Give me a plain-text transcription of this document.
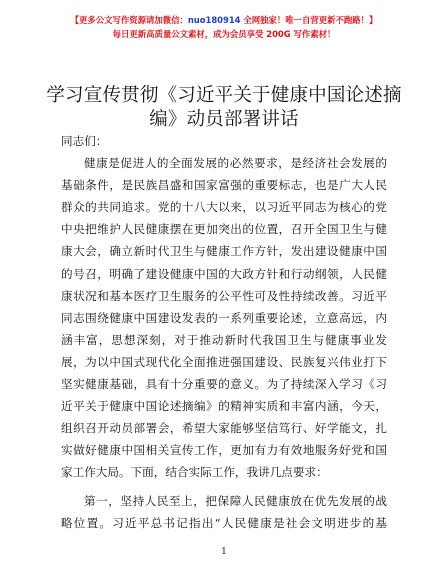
【更多公文写作资源请加微信：nuo180914 全网独家！唯一自营更新不跑路！】
每日更新高质量公文素材，成为会员享受 200G 写作素材！
学习宣传贯彻《习近平关于健康中国论述摘
编》动员部署讲话
同志们：
健康是促进人的全面发展的必然要求，是经济社会发展的
基础条件，是民族昌盛和国家富强的重要标志，也是广大人民
群众的共同追求。党的十八大以来，以习近平同志为核心的党
中央把维护人民健康摆在更加突出的位置，召开全国卫生与健
康大会，确立新时代卫生与健康工作方针，发出建设健康中国
的号召，明确了建设健康中国的大政方针和行动纲领，人民健
康状况和基本医疗卫生服务的公平性可及性持续改善。习近平
同志围绕健康中国建设发表的一系列重要论述，立意高远，内
涵丰富，思想深刻，对于推动新时代我国卫生与健康事业发
展，为以中国式现代化全面推进强国建设、民族复兴伟业打下
坚实健康基础，具有十分重要的意义。为了持续深入学习《习
近平关于健康中国论述摘编》的精神实质和丰富内涵，今天，
组织召开动员部署会，希望大家能够坚信笃行、好学能文，扎
实做好健康中国相关宣传工作，更加有力有效地服务好党和国
家工作大局。下面，结合实际工作，我讲几点要求：
第一，坚持人民至上，把保障人民健康放在优先发展的战
略位置。习近平总书记指出“人民健康是社会文明进步的基
1
